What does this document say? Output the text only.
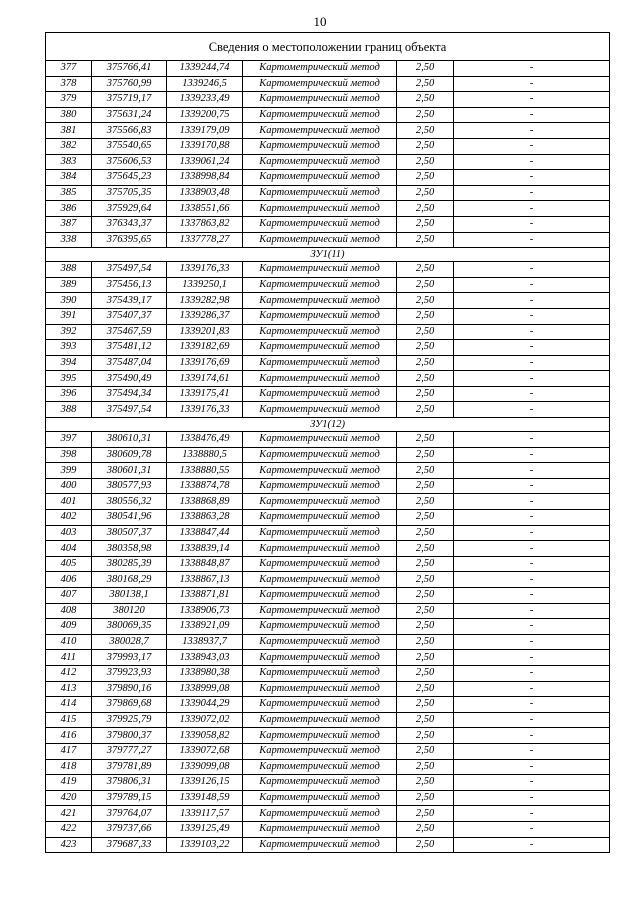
10
Сведения о местоположении границ объекта					
377	375766,41	1339244,74	Картометрический метод	2,50	-
378	375760,99	1339246,5	Картометрический метод	2,50	-
379	375719,17	1339233,49	Картометрический метод	2,50	-
380	375631,24	1339200,75	Картометрический метод	2,50	-
381	375566,83	1339179,09	Картометрический метод	2,50	-
382	375540,65	1339170,88	Картометрический метод	2,50	-
383	375606,53	1339061,24	Картометрический метод	2,50	-
384	375645,23	1338998,84	Картометрический метод	2,50	-
385	375705,35	1338903,48	Картометрический метод	2,50	-
386	375929,64	1338551,66	Картометрический метод	2,50	-
387	376343,37	1337863,82	Картометрический метод	2,50	-
338	376395,65	1337778,27	Картометрический метод	2,50	-
ЗУ1(11)					
388	375497,54	1339176,33	Картометрический метод	2,50	-
389	375456,13	1339250,1	Картометрический метод	2,50	-
390	375439,17	1339282,98	Картометрический метод	2,50	-
391	375407,37	1339286,37	Картометрический метод	2,50	-
392	375467,59	1339201,83	Картометрический метод	2,50	-
393	375481,12	1339182,69	Картометрический метод	2,50	-
394	375487,04	1339176,69	Картометрический метод	2,50	-
395	375490,49	1339174,61	Картометрический метод	2,50	-
396	375494,34	1339175,41	Картометрический метод	2,50	-
388	375497,54	1339176,33	Картометрический метод	2,50	-
ЗУ1(12)					
397	380610,31	1338476,49	Картометрический метод	2,50	-
398	380609,78	1338880,5	Картометрический метод	2,50	-
399	380601,31	1338880,55	Картометрический метод	2,50	-
400	380577,93	1338874,78	Картометрический метод	2,50	-
401	380556,32	1338868,89	Картометрический метод	2,50	-
402	380541,96	1338863,28	Картометрический метод	2,50	-
403	380507,37	1338847,44	Картометрический метод	2,50	-
404	380358,98	1338839,14	Картометрический метод	2,50	-
405	380285,39	1338848,87	Картометрический метод	2,50	-
406	380168,29	1338867,13	Картометрический метод	2,50	-
407	380138,1	1338871,81	Картометрический метод	2,50	-
408	380120	1338906,73	Картометрический метод	2,50	-
409	380069,35	1338921,09	Картометрический метод	2,50	-
410	380028,7	1338937,7	Картометрический метод	2,50	-
411	379993,17	1338943,03	Картометрический метод	2,50	-
412	379923,93	1338980,38	Картометрический метод	2,50	-
413	379890,16	1338999,08	Картометрический метод	2,50	-
414	379869,68	1339044,29	Картометрический метод	2,50	-
415	379925,79	1339072,02	Картометрический метод	2,50	-
416	379800,37	1339058,82	Картометрический метод	2,50	-
417	379777,27	1339072,68	Картометрический метод	2,50	-
418	379781,89	1339099,08	Картометрический метод	2,50	-
419	379806,31	1339126,15	Картометрический метод	2,50	-
420	379789,15	1339148,59	Картометрический метод	2,50	-
421	379764,07	1339117,57	Картометрический метод	2,50	-
422	379737,66	1339125,49	Картометрический метод	2,50	-
423	379687,33	1339103,22	Картометрический метод	2,50	-
